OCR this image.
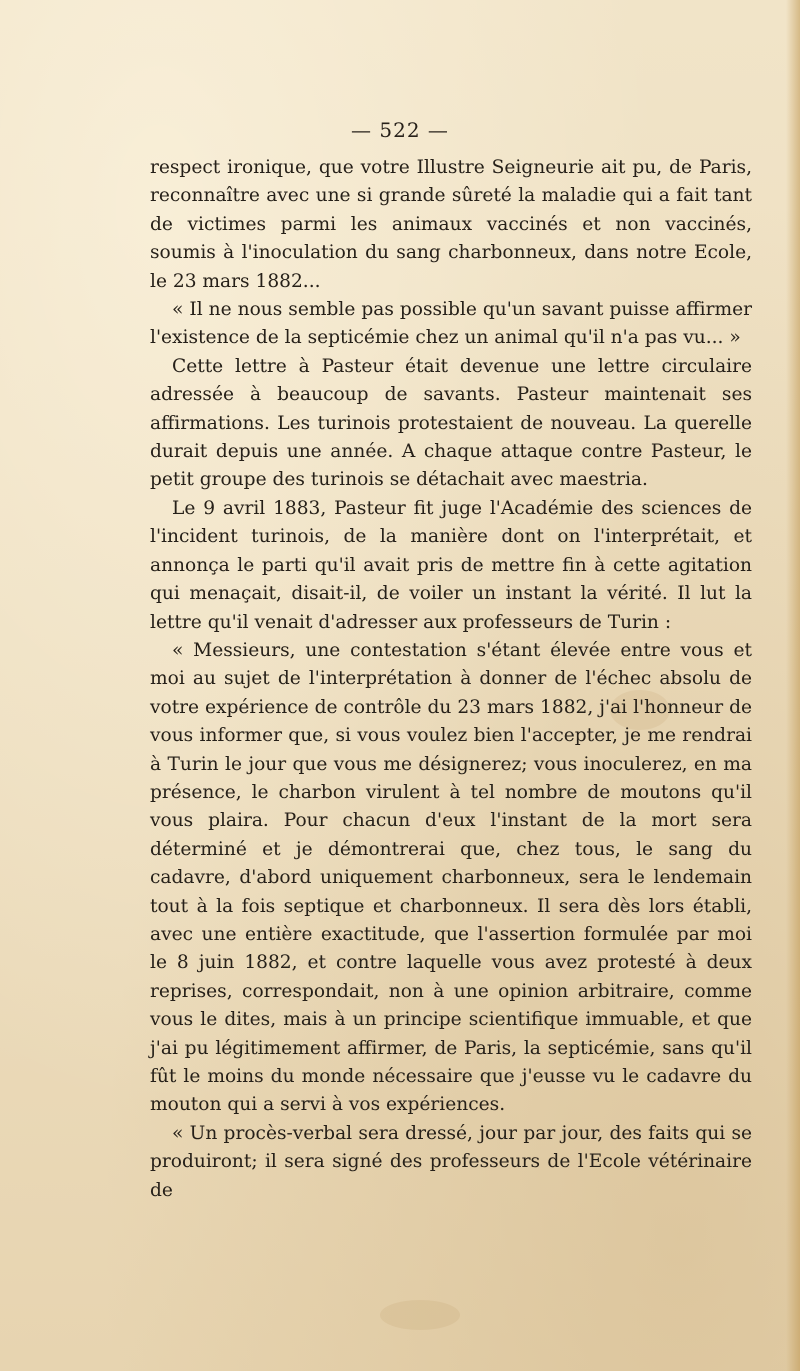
— 522 —

respect ironique, que votre Illustre Seigneurie ait pu, de Paris, reconnaître avec une si grande sûreté la maladie qui a fait tant de victimes parmi les animaux vaccinés et non vaccinés, soumis à l'inoculation du sang charbonneux, dans notre Ecole, le 23 mars 1882...

« Il ne nous semble pas possible qu'un savant puisse affirmer l'existence de la septicémie chez un animal qu'il n'a pas vu... »

Cette lettre à Pasteur était devenue une lettre circulaire adressée à beaucoup de savants. Pasteur maintenait ses affirmations. Les turinois protestaient de nouveau. La querelle durait depuis une année. A chaque attaque contre Pasteur, le petit groupe des turinois se détachait avec maestria.

Le 9 avril 1883, Pasteur fit juge l'Académie des sciences de l'incident turinois, de la manière dont on l'interprétait, et annonça le parti qu'il avait pris de mettre fin à cette agitation qui menaçait, disait-il, de voiler un instant la vérité. Il lut la lettre qu'il venait d'adresser aux professeurs de Turin :

« Messieurs, une contestation s'étant élevée entre vous et moi au sujet de l'interprétation à donner de l'échec absolu de votre expérience de contrôle du 23 mars 1882, j'ai l'honneur de vous informer que, si vous voulez bien l'accepter, je me rendrai à Turin le jour que vous me désignerez; vous inoculerez, en ma présence, le charbon virulent à tel nombre de moutons qu'il vous plaira. Pour chacun d'eux l'instant de la mort sera déterminé et je démontrerai que, chez tous, le sang du cadavre, d'abord uniquement charbonneux, sera le lendemain tout à la fois septique et charbonneux. Il sera dès lors établi, avec une entière exactitude, que l'assertion formulée par moi le 8 juin 1882, et contre laquelle vous avez protesté à deux reprises, correspondait, non à une opinion arbitraire, comme vous le dites, mais à un principe scientifique immuable, et que j'ai pu légitimement affirmer, de Paris, la septicémie, sans qu'il fût le moins du monde nécessaire que j'eusse vu le cadavre du mouton qui a servi à vos expériences.

« Un procès-verbal sera dressé, jour par jour, des faits qui se produiront; il sera signé des professeurs de l'Ecole vétérinaire de
